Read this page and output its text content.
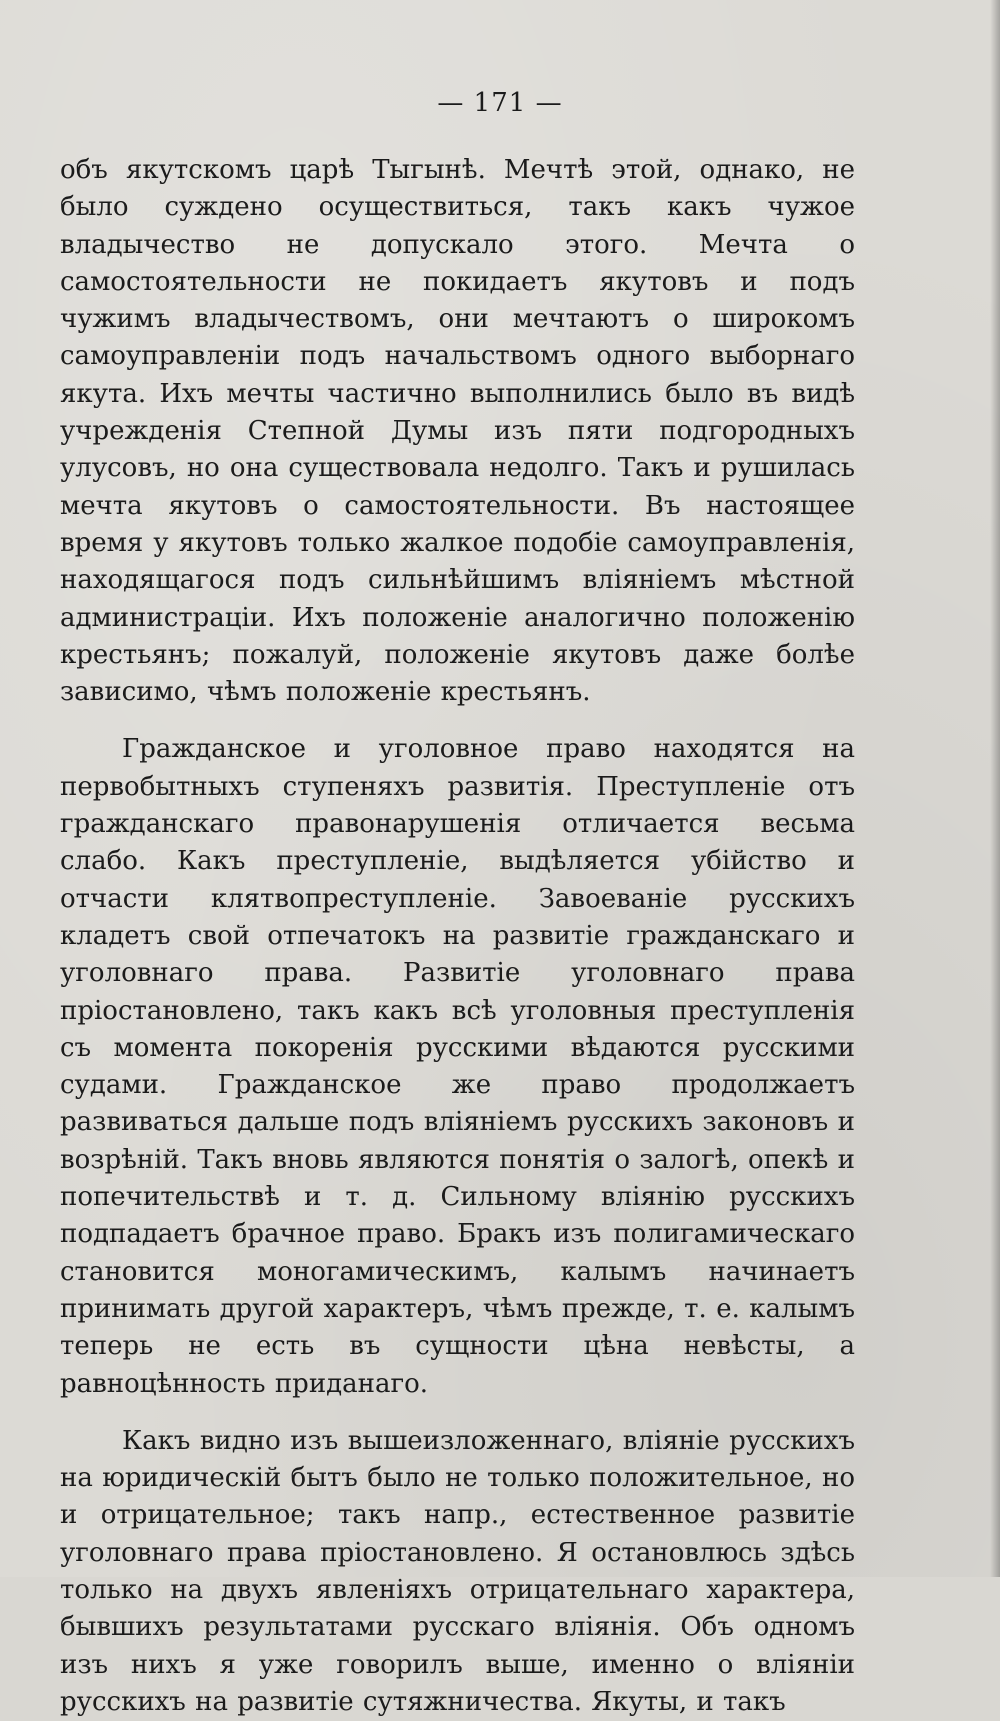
— 171 —

объ якутскомъ царѣ Тыгынѣ. Мечтѣ этой, однако, не было суждено осуществиться, такъ какъ чужое владычество не допускало этого. Мечта о самостоятельности не покидаетъ якутовъ и подъ чужимъ владычествомъ, они мечтаютъ о широкомъ самоуправленіи подъ начальствомъ одного выборнаго якута. Ихъ мечты частично выполнились было въ видѣ учрежденія Степной Думы изъ пяти подгородныхъ улусовъ, но она существовала недолго. Такъ и рушилась мечта якутовъ о самостоятельности. Въ настоящее время у якутовъ только жалкое подобіе самоуправленія, находящагося подъ сильнѣйшимъ вліяніемъ мѣстной администраціи. Ихъ положеніе аналогично положенію крестьянъ; пожалуй, положеніе якутовъ даже болѣе зависимо, чѣмъ положеніе крестьянъ.

Гражданское и уголовное право находятся на первобытныхъ ступеняхъ развитія. Преступленіе отъ гражданскаго правонарушенія отличается весьма слабо. Какъ преступленіе, выдѣляется убійство и отчасти клятвопреступленіе. Завоеваніе русскихъ кладетъ свой отпечатокъ на развитіе гражданскаго и уголовнаго права. Развитіе уголовнаго права пріостановлено, такъ какъ всѣ уголовныя преступленія съ момента покоренія русскими вѣдаются русскими судами. Гражданское же право продолжаетъ развиваться дальше подъ вліяніемъ русскихъ законовъ и возрѣній. Такъ вновь являются понятія о залогѣ, опекѣ и попечительствѣ и т. д. Сильному вліянію русскихъ подпадаетъ брачное право. Бракъ изъ полигамическаго становится моногамическимъ, калымъ начинаетъ принимать другой характеръ, чѣмъ прежде, т. е. калымъ теперь не есть въ сущности цѣна невѣсты, а равноцѣнность приданаго.

Какъ видно изъ вышеизложеннаго, вліяніе русскихъ на юридическій бытъ было не только положительное, но и отрицательное; такъ напр., естественное развитіе уголовнаго права пріостановлено. Я остановлюсь здѣсь только на двухъ явленіяхъ отрицательнаго характера, бывшихъ результатами русскаго вліянія. Объ одномъ изъ нихъ я уже говорилъ выше, именно о вліяніи русскихъ на развитіе сутяжничества. Якуты, и такъ
